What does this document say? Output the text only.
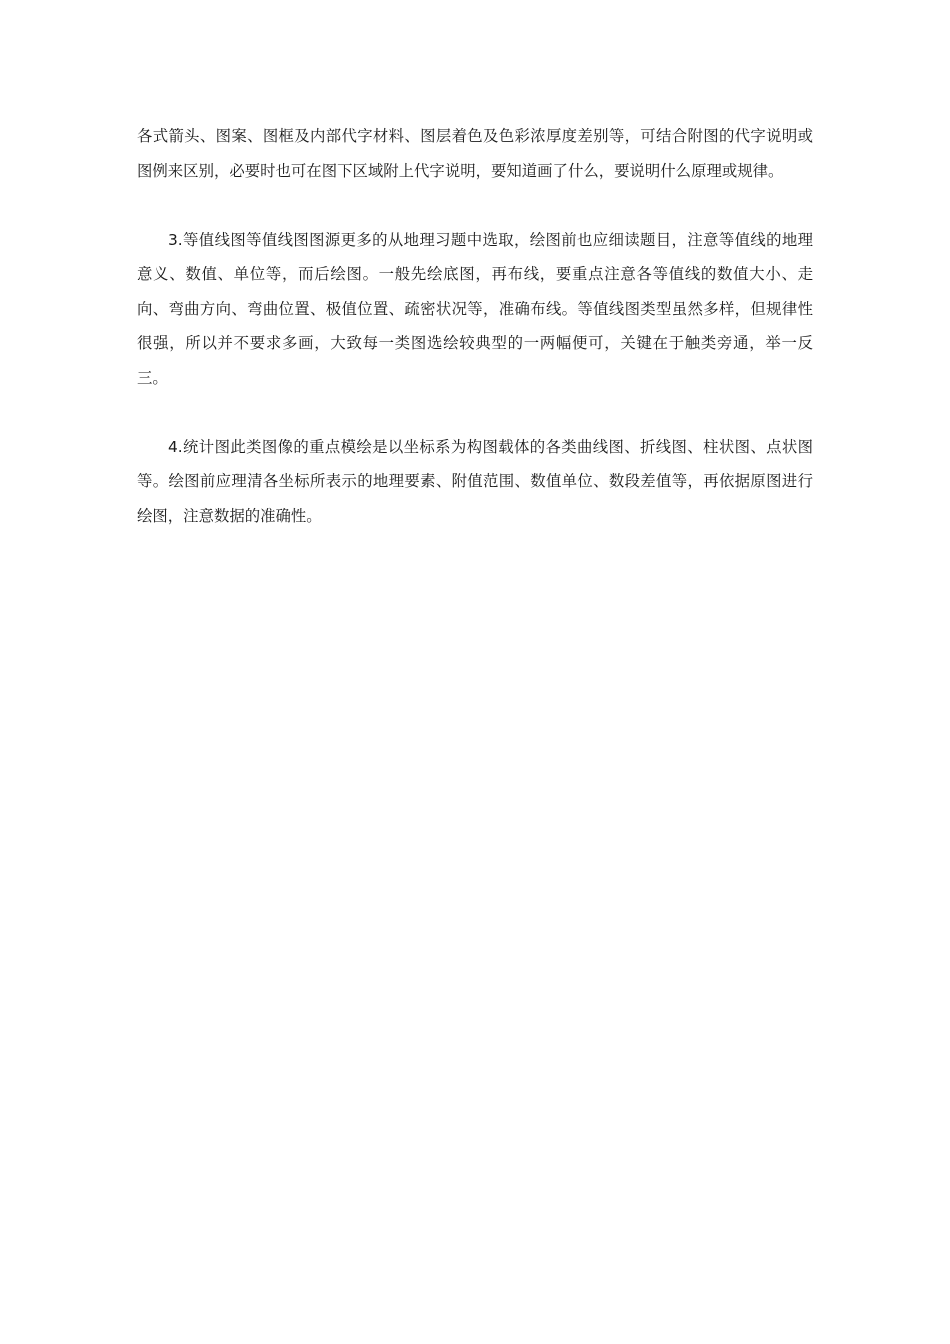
各式箭头、图案、图框及内部代字材料、图层着色及色彩浓厚度差别等，可结合附图的代字说明或图例来区别，必要时也可在图下区域附上代字说明，要知道画了什么，要说明什么原理或规律。

3.等值线图等值线图图源更多的从地理习题中选取，绘图前也应细读题目，注意等值线的地理意义、数值、单位等，而后绘图。一般先绘底图，再布线，要重点注意各等值线的数值大小、走向、弯曲方向、弯曲位置、极值位置、疏密状况等，准确布线。等值线图类型虽然多样，但规律性很强，所以并不要求多画，大致每一类图选绘较典型的一两幅便可，关键在于触类旁通，举一反三。

4.统计图此类图像的重点模绘是以坐标系为构图载体的各类曲线图、折线图、柱状图、点状图等。绘图前应理清各坐标所表示的地理要素、附值范围、数值单位、数段差值等，再依据原图进行绘图，注意数据的准确性。
